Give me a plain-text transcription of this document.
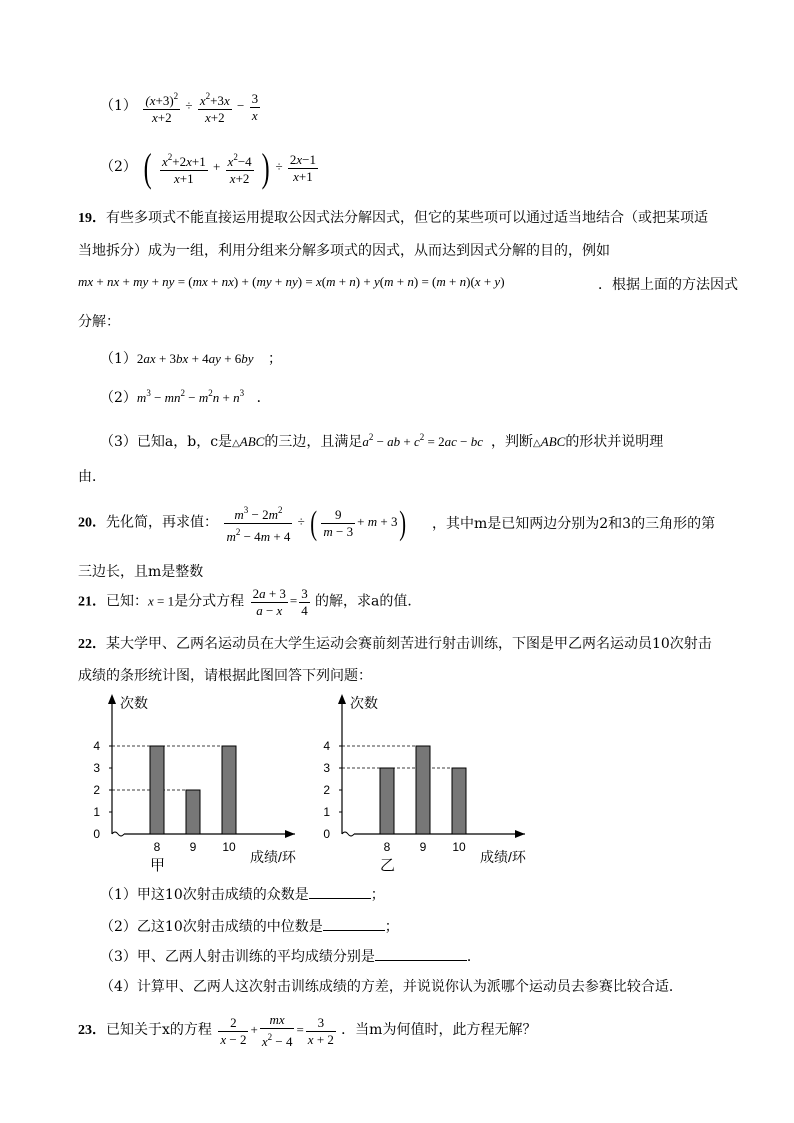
$(1) \frac{(x+3)^2}{x+2} \div \frac{x^2+3x}{x+2} - \frac{3}{x}$
（2） ( $\frac{x^2+2x+1}{x+1} + \frac{x^2-4}{x+2}$ ) ÷ $\frac{2x-1}{x+1}$
19．有些多项式不能直接运用提取公因式法分解因式，但它的某些项可以通过适当地结合（或把某项适
当地拆分）成为一组，利用分组来分解多项式的因式，从而达到因式分解的目的，例如
mx + nx + my + ny = (mx + nx) + (my + ny) = x(m + n) + y(m + n) = (m + n)(x + y)	．根据上面的方法因式
分解：
（1）2ax + 3bx + 4ay + 6by ；
$(2)m^3 - mn^2 - m^2n + n^3$ ．
（3）已知a，b，c是△ABC的三边，且满足$a^2$ − ab + $c^2 = 2ac$ − bc ，判断△ABC的形状并说明理
由．
20．先化简，再求值： $\frac{m^3 - 2m^2}{m^2 - 4m + 4}$ ÷ ( $\frac{9}{m - 3} + m + 3$) ，其中m是已知两边分别为2和3的三角形的第
三边长，且m是整数
21．已知：x = 1是分式方程 $\frac{2a + 3}{a - x} = \frac{3}{4}$ 的解，求a的值．
22．某大学甲、乙两名运动员在大学生运动会赛前刻苦进行射击训练，下图是甲乙两名运动员10次射击
成绩的条形统计图，请根据此图回答下列问题：
次数
0
1
2
3
4
8 9 10
成绩/环
甲
次数
0
1
2
3
4
8 9 10
成绩/环
乙
（1）甲这10次射击成绩的众数是	；
（2）乙这10次射击成绩的中位数是	；
（3）甲、乙两人射击训练的平均成绩分别是	．
（4）计算甲、乙两人这次射击训练成绩的方差，并说说你认为派哪个运动员去参赛比较合适．
23．已知关于x的方程 $\frac{2}{x - 2} + \frac{mx}{x^2 - 4} = \frac{3}{x + 2}$ ．当m为何值时，此方程无解？
